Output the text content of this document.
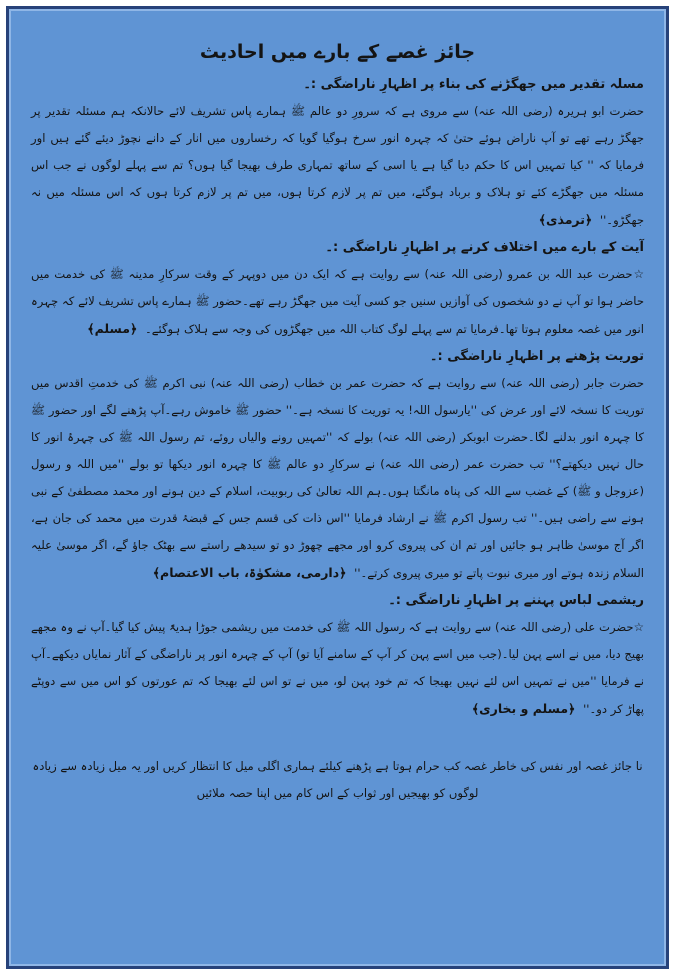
جائز غصے کے بارے میں احادیث
مسلہ تقدیر میں جھگڑنے کی بناء پر اظہارِ ناراضگی :۔

حضرت ابو ہریرہ (رضی اللہ عنہ) سے مروی ہے کہ سرورِ دو عالم ﷺ ہمارے پاس تشریف لائے حالانکہ ہم مسئلہ تقدیر پر جھگڑ رہے تھے تو آپ ناراض ہوئے حتیٰ کہ چہرہ انور سرخ ہوگیا گویا کہ رخساروں میں انار کے دانے نچوڑ دیئے گئے ہیں اور فرمایا کہ '' کیا تمہیں اس کا حکم دیا گیا ہے یا اسی کے ساتھ تمہاری طرف بھیجا گیا ہوں؟ تم سے پہلے لوگوں نے جب اس مسئلہ میں جھگڑے کئے تو ہلاک و برباد ہوگئے، میں تم پر لازم کرتا ہوں، میں تم پر لازم کرتا ہوں کہ اس مسئلہ میں نہ جھگڑو۔'' ﴿ترمذی﴾

آیت کے بارے میں اختلاف کرنے پر اظہارِ ناراضگی :۔

☆حضرت عبد اللہ بن عمرو (رضی اللہ عنہ) سے روایت ہے کہ ایک دن میں دوپہر کے وقت سرکارِ مدینہ ﷺ کی خدمت میں حاضر ہوا تو آپ نے دو شخصوں کی آوازیں سنیں جو کسی آیت میں جھگڑ رہے تھے۔حضور ﷺ ہمارے پاس تشریف لائے کہ چہرہ انور میں غصہ معلوم ہوتا تھا۔فرمایا تم سے پہلے لوگ کتاب اللہ میں جھگڑوں کی وجہ سے ہلاک ہوگئے۔ ﴿مسلم﴾

توریت پڑھنے پر اظہارِ ناراضگی :۔

حضرت جابر (رضی اللہ عنہ) سے روایت ہے کہ حضرت عمر بن خطاب (رضی اللہ عنہ) نبی اکرم ﷺ کی خدمتِ اقدس میں توریت کا نسخہ لائے اور عرض کی ''یارسول اللہ! یہ توریت کا نسخہ ہے۔'' حضور ﷺ خاموش رہے۔آپ پڑھنے لگے اور حضور ﷺ کا چہرہ انور بدلنے لگا۔حضرت ابوبکر (رضی اللہ عنہ) بولے کہ ''تمہیں رونے والیاں روئے، تم رسول اللہ ﷺ کی چہرۂ انور کا حال نہیں دیکھتے؟'' تب حضرت عمر (رضی اللہ عنہ) نے سرکارِ دو عالم ﷺ کا چہرہ انور دیکھا تو بولے ''میں اللہ و رسول (عزوجل و ﷺ) کے غضب سے اللہ کی پناہ مانگتا ہوں۔ہم اللہ تعالیٰ کی ربوبیت، اسلام کے دین ہونے اور محمد مصطفیٰ کے نبی ہونے سے راضی ہیں۔'' تب رسول اکرم ﷺ نے ارشاد فرمایا ''اس ذات کی قسم جس کے قبضۂ قدرت میں محمد کی جان ہے، اگر آج موسیٰ ظاہر ہو جائیں اور تم ان کی پیروی کرو اور مجھے چھوڑ دو تو سیدھے راستے سے بھٹک جاؤ گے، اگر موسیٰ علیہ السلام زندہ ہوتے اور میری نبوت پاتے تو میری پیروی کرتے۔'' ﴿دارمی، مشکوٰۃ، باب الاعتصام﴾

ریشمی لباس پہننے پر اظہارِ ناراضگی :۔

☆حضرت علی (رضی اللہ عنہ) سے روایت ہے کہ رسول اللہ ﷺ کی خدمت میں ریشمی جوڑا ہدیۃً پیش کیا گیا۔آپ نے وہ مجھے بھیج دیا، میں نے اسے پہن لیا۔(جب میں اسے پہن کر آپ کے سامنے آیا تو) آپ کے چہرہ انور پر ناراضگی کے آثار نمایاں دیکھے۔آپ نے فرمایا ''میں نے تمہیں اس لئے نہیں بھیجا کہ تم خود پہن لو، میں نے تو اس لئے بھیجا کہ تم عورتوں کو اس میں سے دوپٹے پھاڑ کر دو۔'' ﴿مسلم و بخاری﴾

نا جائز غصہ اور نفس کی خاطر غصہ کب حرام ہوتا ہے پڑھنے کیلئے ہماری اگلی میل کا انتظار کریں اور یہ میل زیادہ سے زیادہ لوگوں کو بھیجیں اور ثواب کے اس کام میں اپنا حصہ ملائیں
